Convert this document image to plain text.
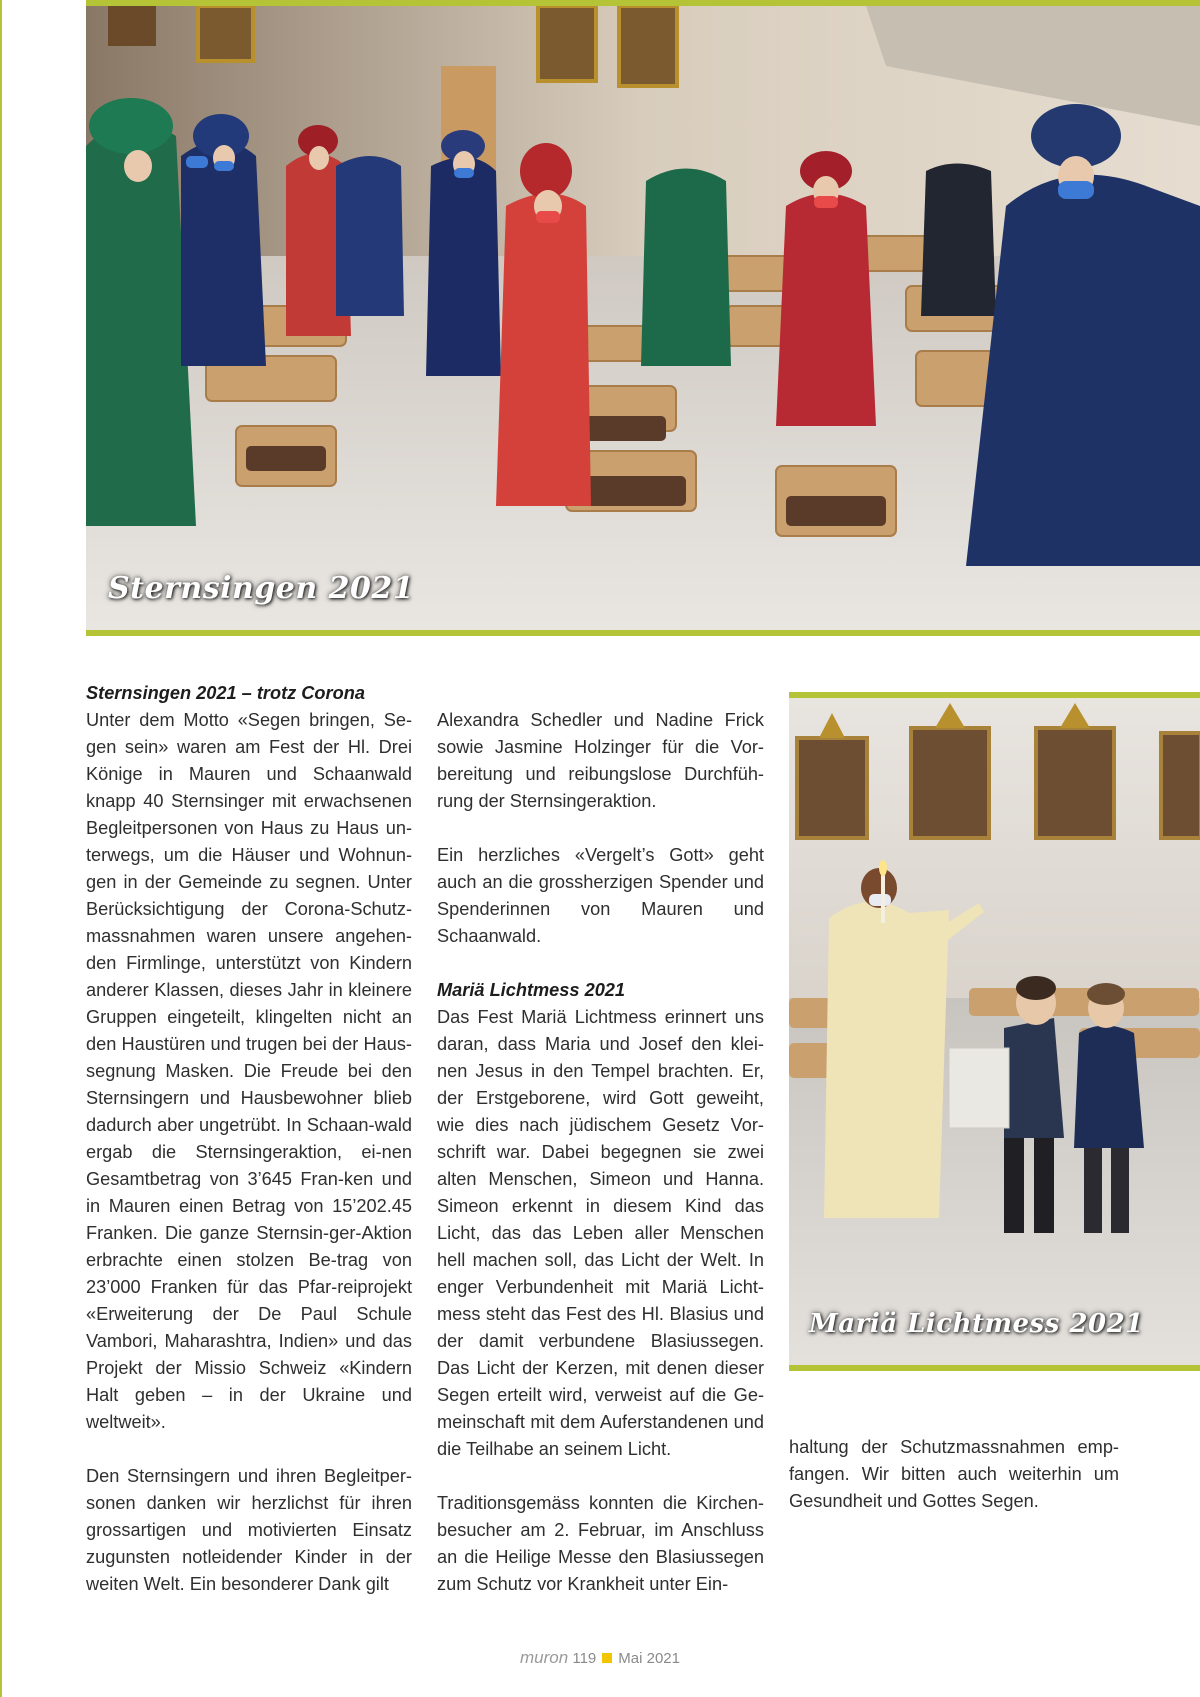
Sternsingen 2021
Mariä Lichtmess 2021

Sternsingen 2021 – trotz Corona

Unter dem Motto «Segen bringen, Se-gen sein» waren am Fest der Hl. Drei Könige in Mauren und Schaanwald knapp 40 Sternsinger mit erwachsenen Begleitpersonen von Haus zu Haus un-terwegs, um die Häuser und Wohnun-gen in der Gemeinde zu segnen. Unter Berücksichtigung der Corona-Schutz-massnahmen waren unsere angehen-den Firmlinge, unterstützt von Kindern anderer Klassen, dieses Jahr in kleinere Gruppen eingeteilt, klingelten nicht an den Haustüren und trugen bei der Haus-segnung Masken. Die Freude bei den Sternsingern und Hausbewohner blieb dadurch aber ungetrübt. In Schaan-wald ergab die Sternsingeraktion, ei-nen Gesamtbetrag von 3’645 Fran-ken und in Mauren einen Betrag von 15’202.45 Franken. Die ganze Sternsin-ger-Aktion erbrachte einen stolzen Be-trag von 23’000 Franken für das Pfar-reiprojekt «Erweiterung der De Paul Schule Vambori, Maharashtra, Indien» und das Projekt der Missio Schweiz «Kindern Halt geben – in der Ukraine und weltweit».

Den Sternsingern und ihren Begleitper-sonen danken wir herzlichst für ihren grossartigen und motivierten Einsatz zugunsten notleidender Kinder in der weiten Welt. Ein besonderer Dank gilt

Alexandra Schedler und Nadine Frick sowie Jasmine Holzinger für die Vor-bereitung und reibungslose Durchfüh-rung der Sternsingeraktion.

Ein herzliches «Vergelt’s Gott» geht auch an die grossherzigen Spender und Spenderinnen von Mauren und Schaanwald.

Mariä Lichtmess 2021

Das Fest Mariä Lichtmess erinnert uns daran, dass Maria und Josef den klei-nen Jesus in den Tempel brachten. Er, der Erstgeborene, wird Gott geweiht, wie dies nach jüdischem Gesetz Vor-schrift war. Dabei begegnen sie zwei alten Menschen, Simeon und Hanna. Simeon erkennt in diesem Kind das Licht, das das Leben aller Menschen hell machen soll, das Licht der Welt. In enger Verbundenheit mit Mariä Licht-mess steht das Fest des Hl. Blasius und der damit verbundene Blasiussegen. Das Licht der Kerzen, mit denen dieser Segen erteilt wird, verweist auf die Ge-meinschaft mit dem Auferstandenen und die Teilhabe an seinem Licht.

Traditionsgemäss konnten die Kirchen-besucher am 2. Februar, im Anschluss an die Heilige Messe den Blasiussegen zum Schutz vor Krankheit unter Ein-

haltung der Schutzmassnahmen emp-fangen. Wir bitten auch weiterhin um Gesundheit und Gottes Segen.

muron 119 Mai 2021
